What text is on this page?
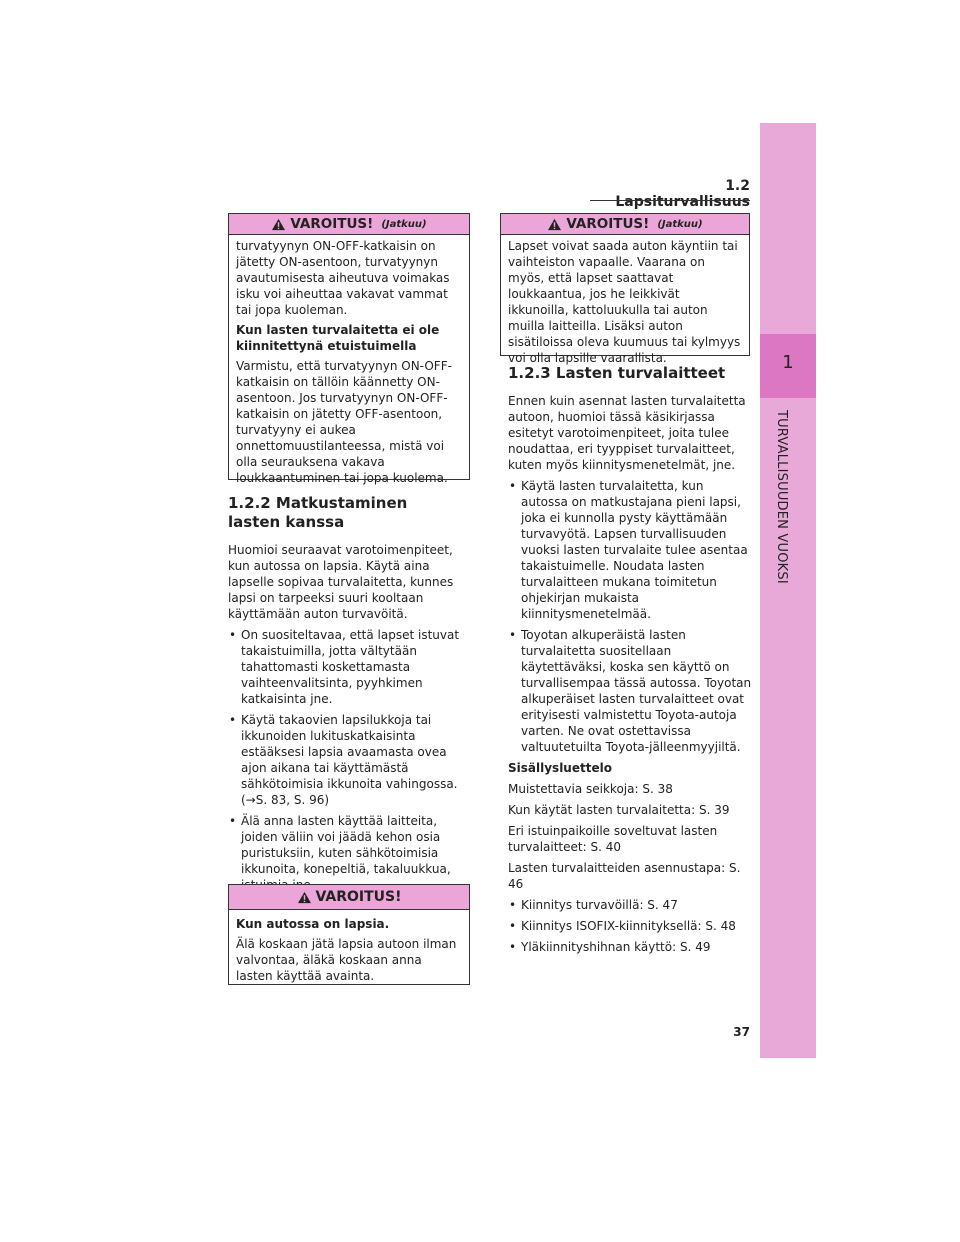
1.2 Lapsiturvallisuus
1
TURVALLISUUDEN VUOKSI
VAROITUS! (Jatkuu)

turvatyynyn ON-OFF-katkaisin on jätetty ON-asentoon, turvatyynyn avautumisesta aiheutuva voimakas isku voi aiheuttaa vakavat vammat tai jopa kuoleman.

Kun lasten turvalaitetta ei ole kiinnitettynä etuistuimella

Varmistu, että turvatyynyn ON-OFF-katkaisin on tällöin käännetty ON-asentoon. Jos turvatyynyn ON-OFF-katkaisin on jätetty OFF-asentoon, turvatyyny ei aukea onnettomuustilanteessa, mistä voi olla seurauksena vakava loukkaantuminen tai jopa kuolema.

1.2.2 Matkustaminen lasten kanssa

Huomioi seuraavat varotoimenpiteet, kun autossa on lapsia. Käytä aina lapselle sopivaa turvalaitetta, kunnes lapsi on tarpeeksi suuri kooltaan käyttämään auton turvavöitä.

• On suositeltavaa, että lapset istuvat takaistuimilla, jotta vältytään tahattomasti koskettamasta vaihteenvalitsinta, pyyhkimen katkaisinta jne.

• Käytä takaovien lapsilukkoja tai ikkunoiden lukituskatkaisinta estääksesi lapsia avaamasta ovea ajon aikana tai käyttämästä sähkötoimisia ikkunoita vahingossa. (→S. 83, S. 96)

• Älä anna lasten käyttää laitteita, joiden väliin voi jäädä kehon osia puristuksiin, kuten sähkötoimisia ikkunoita, konepeltiä, takaluukkua,

VAROITUS!

Kun autossa on lapsia.

Älä koskaan jätä lapsia autoon ilman valvontaa, äläkä koskaan anna lasten käyttää avainta.

VAROITUS! (Jatkuu)

Lapset voivat saada auton käyntiin tai vaihteiston vapaalle. Vaarana on myös, että lapset saattavat loukkaantua, jos he leikkivät ikkunoilla, kattoluukulla tai auton muilla laitteilla. Lisäksi auton sisätiloissa oleva kuumuus tai kylmyys voi olla lapsille vaarallista.

1.2.3 Lasten turvalaitteet

Ennen kuin asennat lasten turvalaitetta autoon, huomioi tässä käsikirjassa esitetyt varotoimenpiteet, joita tulee noudattaa, eri tyyppiset turvalaitteet, kuten myös kiinnitysmenetelmät, jne.

• Käytä lasten turvalaitetta, kun autossa on matkustajana pieni lapsi, joka ei kunnolla pysty käyttämään turvavyötä. Lapsen turvallisuuden vuoksi lasten turvalaite tulee asentaa takaistuimelle. Noudata lasten turvalaitteen mukana toimitetun ohjekirjan mukaista kiinnitysmenetelmää.

• Toyotan alkuperäistä lasten turvalaitetta suositellaan käytettäväksi, koska sen käyttö on turvallisempaa tässä autossa. Toyotan alkuperäiset lasten turvalaitteet ovat erityisesti valmistettu Toyota-autoja varten. Ne ovat ostettavissa valtuutetuilta Toyota-jälleenmyyjiltä.

Sisällysluettelo

Muistettavia seikkoja: S. 38

Kun käytät lasten turvalaitetta: S. 39

Eri istuinpaikoille soveltuvat lasten turvalaitteet: S. 40

Lasten turvalaitteiden asennustapa: S. 46

• Kiinnitys turvavöillä: S. 47

• Kiinnitys ISOFIX-kiinnityksellä: S. 48

• Yläkiinnityshihnan käyttö: S. 49

37
